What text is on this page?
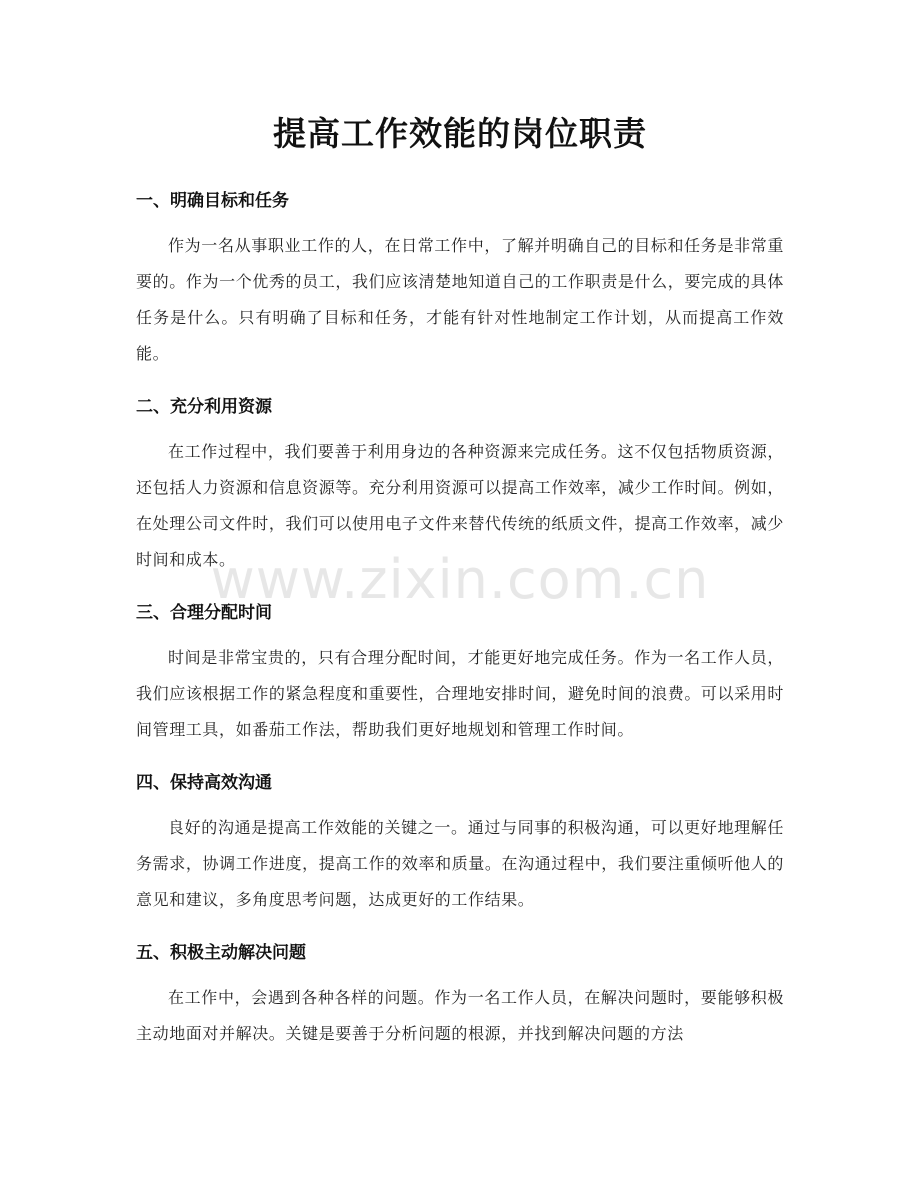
提高工作效能的岗位职责
一、明确目标和任务

作为一名从事职业工作的人，在日常工作中，了解并明确自己的目标和任务是非常重要的。作为一个优秀的员工，我们应该清楚地知道自己的工作职责是什么，要完成的具体任务是什么。只有明确了目标和任务，才能有针对性地制定工作计划，从而提高工作效能。

二、充分利用资源

在工作过程中，我们要善于利用身边的各种资源来完成任务。这不仅包括物质资源，还包括人力资源和信息资源等。充分利用资源可以提高工作效率，减少工作时间。例如，在处理公司文件时，我们可以使用电子文件来替代传统的纸质文件，提高工作效率，减少时间和成本。

三、合理分配时间

时间是非常宝贵的，只有合理分配时间，才能更好地完成任务。作为一名工作人员，我们应该根据工作的紧急程度和重要性，合理地安排时间，避免时间的浪费。可以采用时间管理工具，如番茄工作法，帮助我们更好地规划和管理工作时间。

四、保持高效沟通

良好的沟通是提高工作效能的关键之一。通过与同事的积极沟通，可以更好地理解任务需求，协调工作进度，提高工作的效率和质量。在沟通过程中，我们要注重倾听他人的意见和建议，多角度思考问题，达成更好的工作结果。

五、积极主动解决问题

在工作中，会遇到各种各样的问题。作为一名工作人员，在解决问题时，要能够积极主动地面对并解决。关键是要善于分析问题的根源，并找到解决问题的方法

www.zixin.com.cn
